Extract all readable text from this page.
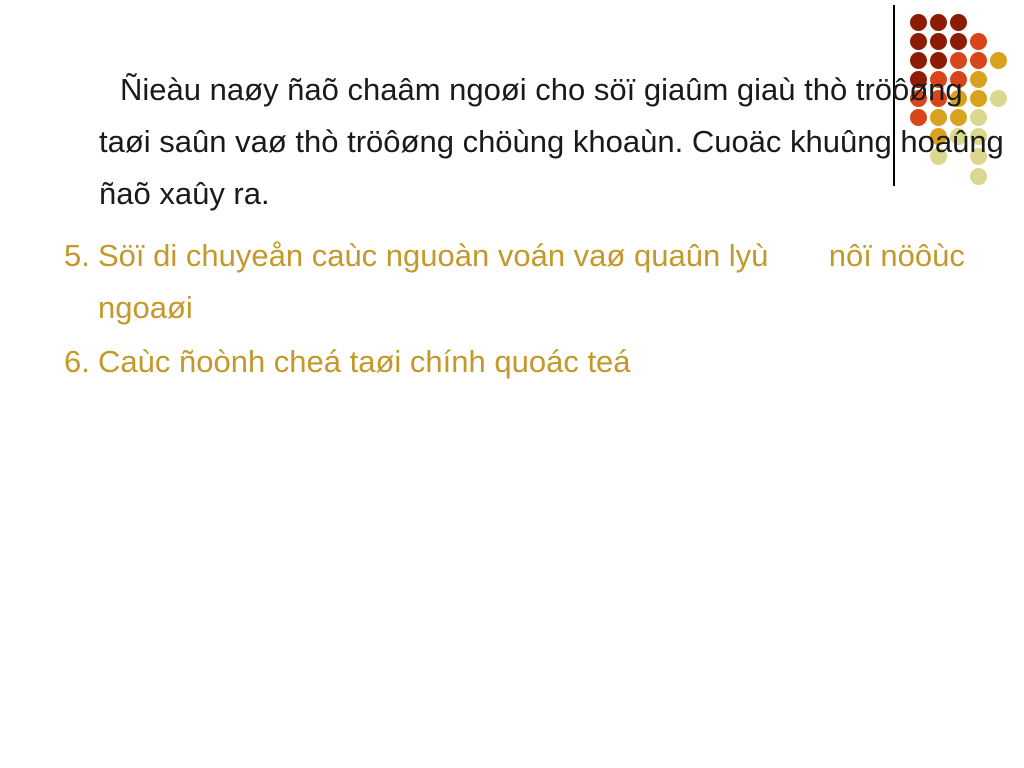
Ñieàu naøy ñaõ chaâm ngoøi cho söï giaûm giaù thò tröôøng
taøi saûn vaø thò tröôøng chöùng khoaùn. Cuoäc khuûng hoaûng
ñaõ xaûy ra.
5. Söï di chuyeån caùc nguoàn voán vaø quaûn lyù       nôï nöôùc
ngoaøi
6. Caùc ñoònh cheá taøi chính quoác teá
